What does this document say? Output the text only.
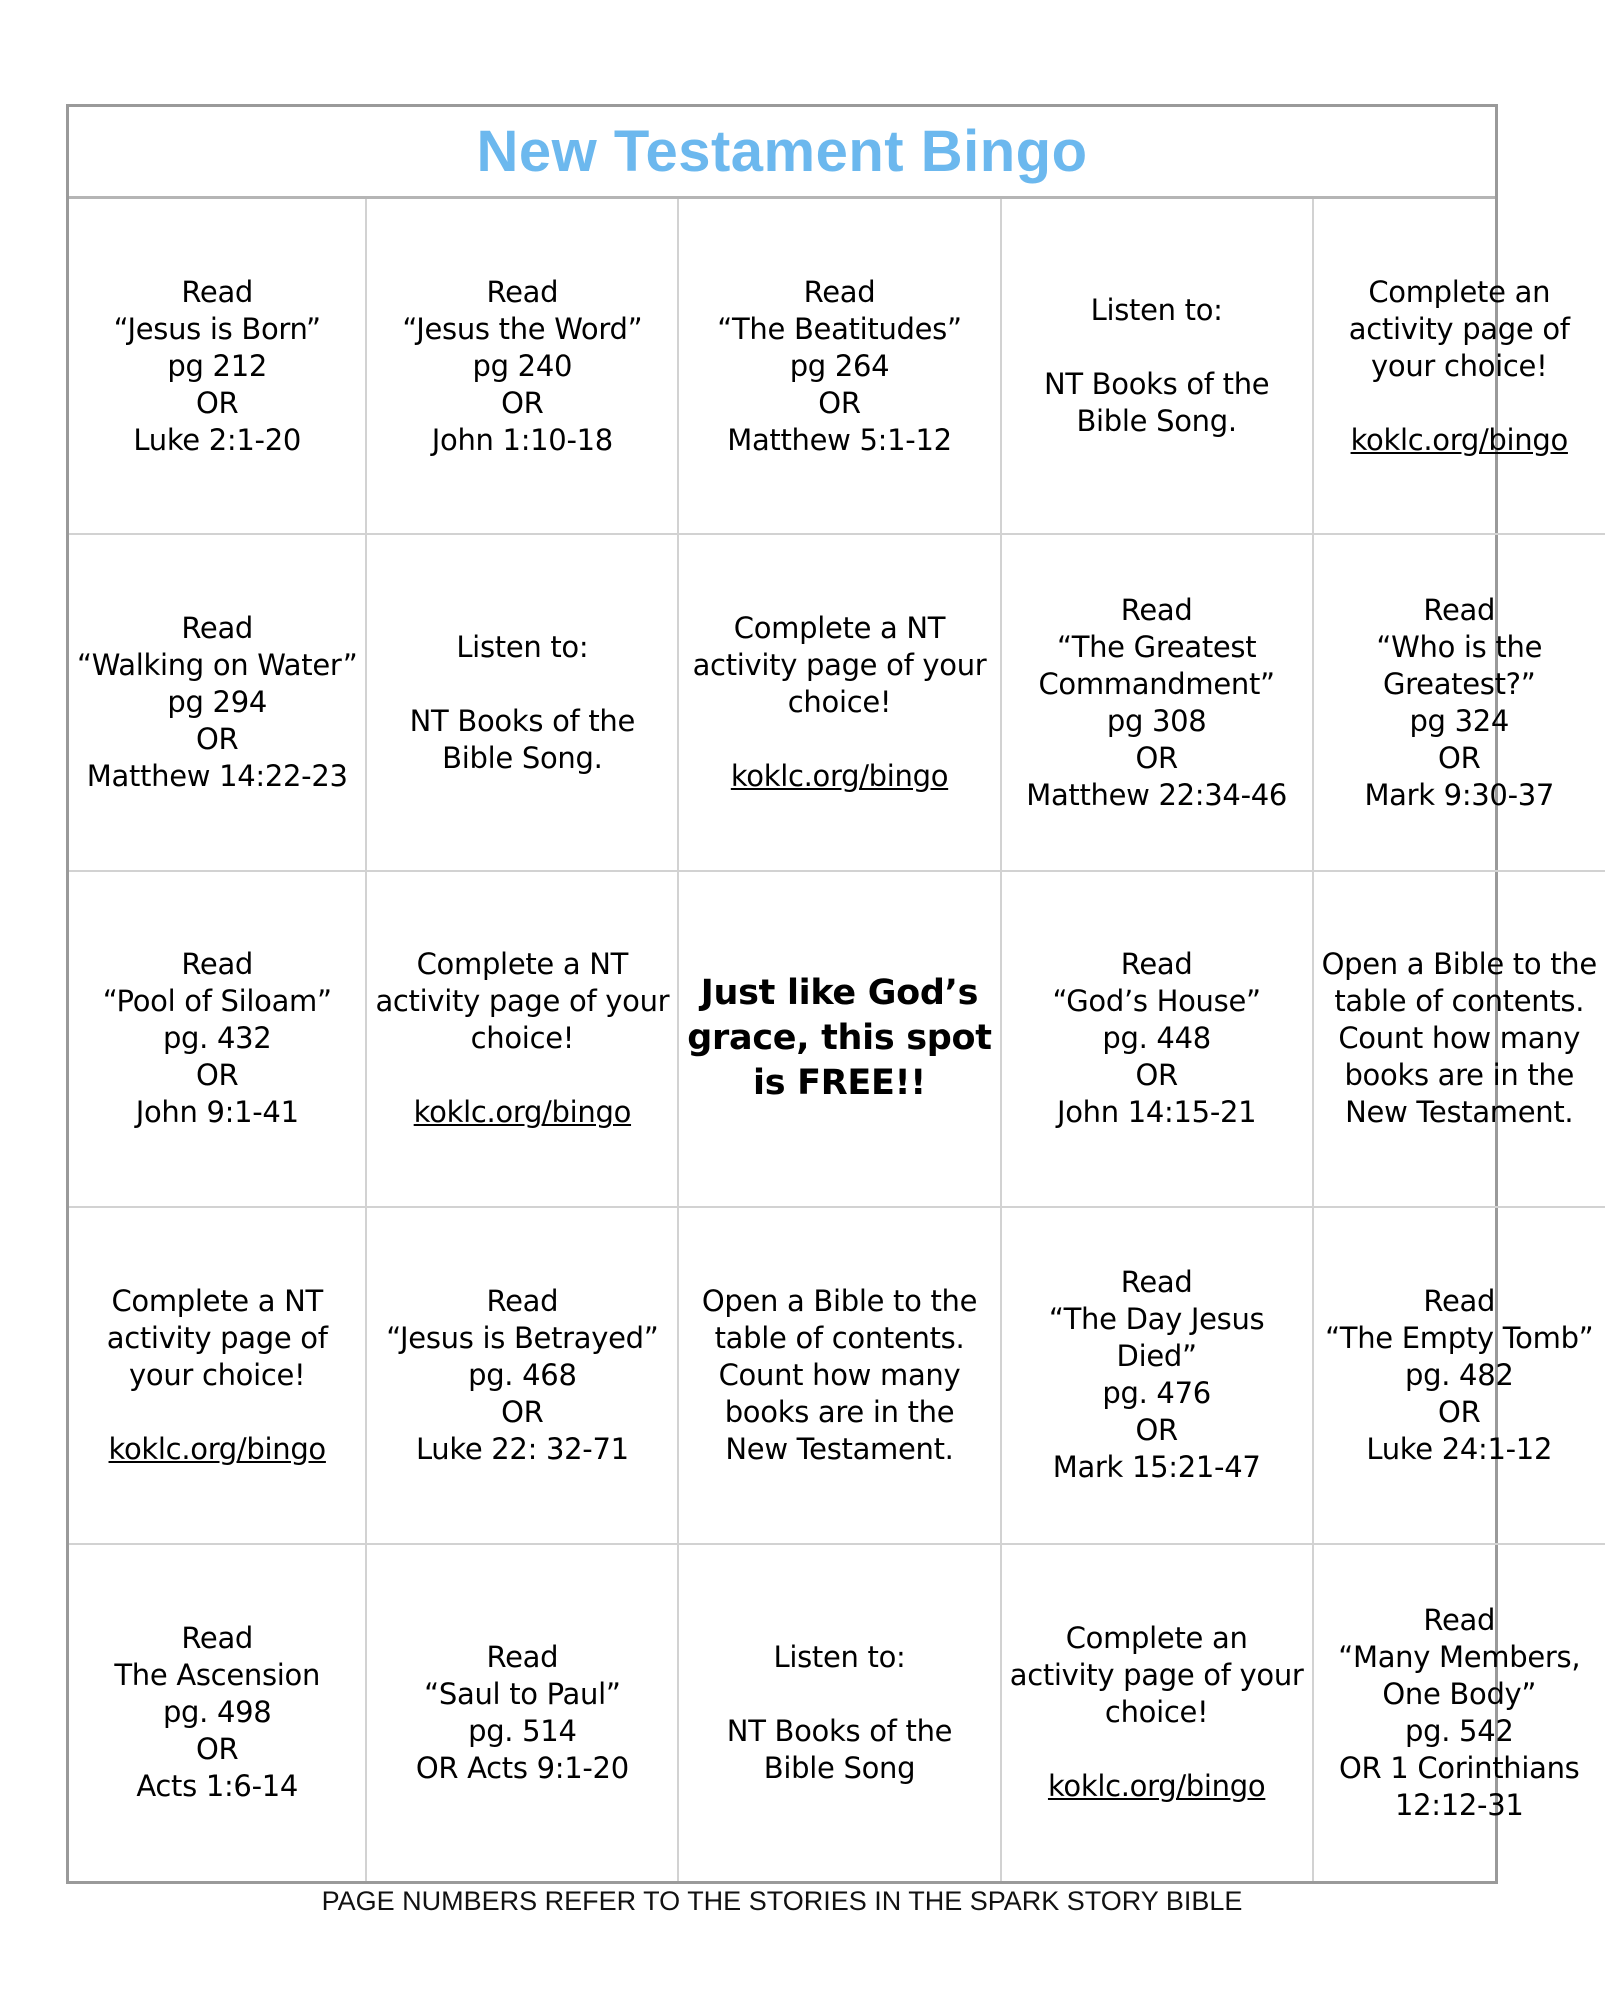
New Testament Bingo
Read
“Jesus is Born”
pg 212
OR
Luke 2:1-20
Read
“Jesus the Word”
pg 240
OR
John 1:10-18
Read
“The Beatitudes”
pg 264
OR
Matthew 5:1-12
Listen to:
NT Books of the
Bible Song.
Complete an
activity page of
your choice!
koklc.org/bingo
Read
“Walking on Water”
pg 294
OR
Matthew 14:22-23
Listen to:
NT Books of the
Bible Song.
Complete a NT
activity page of your
choice!
koklc.org/bingo
Read
“The Greatest
Commandment”
pg 308
OR
Matthew 22:34-46
Read
“Who is the
Greatest?”
pg 324
OR
Mark 9:30-37
Read
“Pool of Siloam”
pg. 432
OR
John 9:1-41
Complete a NT
activity page of your
choice!
koklc.org/bingo
Just like God’s
grace, this spot
is FREE!!
Read
“God’s House”
pg. 448
OR
John 14:15-21
Open a Bible to the
table of contents.
Count how many
books are in the
New Testament.
Complete a NT
activity page of
your choice!
koklc.org/bingo
Read
“Jesus is Betrayed”
pg. 468
OR
Luke 22: 32-71
Open a Bible to the
table of contents.
Count how many
books are in the
New Testament.
Read
“The Day Jesus
Died”
pg. 476
OR
Mark 15:21-47
Read
“The Empty Tomb”
pg. 482
OR
Luke 24:1-12
Read
The Ascension
pg. 498
OR
Acts 1:6-14
Read
“Saul to Paul”
pg. 514
OR Acts 9:1-20
Listen to:
NT Books of the
Bible Song
Complete an
activity page of your
choice!
koklc.org/bingo
Read
“Many Members,
One Body”
pg. 542
OR 1 Corinthians
12:12-31
PAGE NUMBERS REFER TO THE STORIES IN THE SPARK STORY BIBLE
